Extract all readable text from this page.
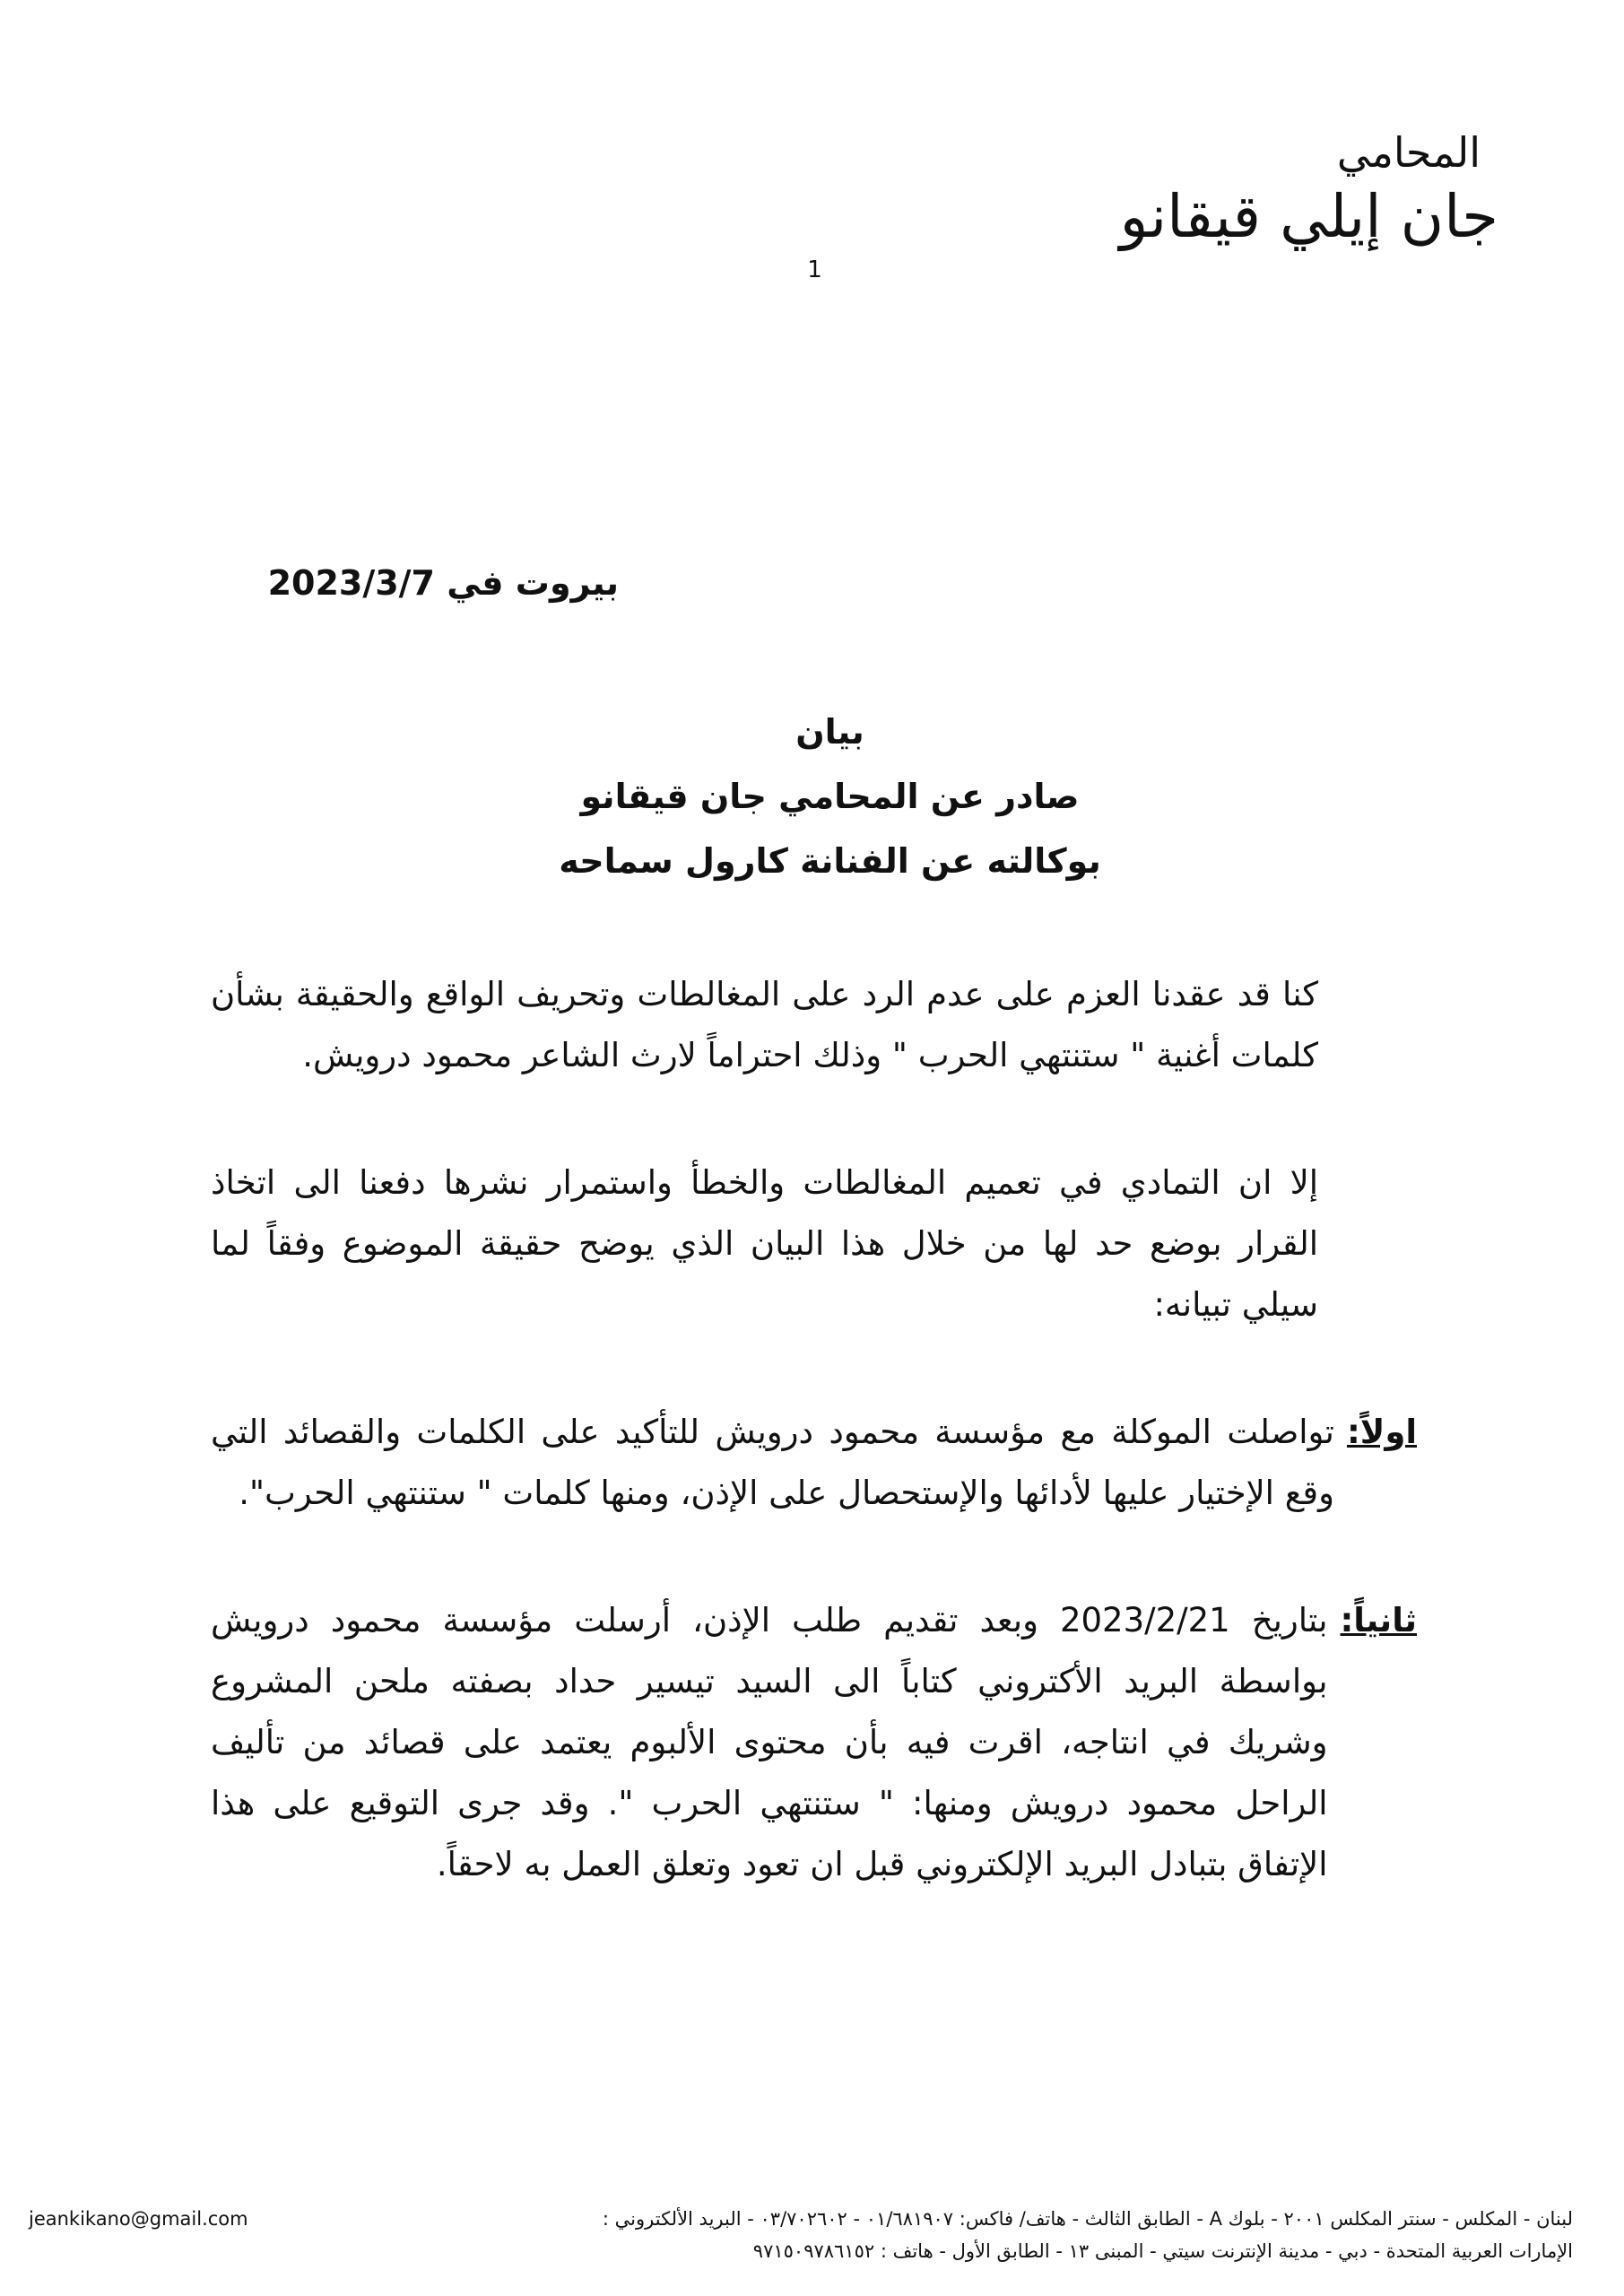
المحامي
جان إيلي قيقانو
1
بيروت في 2023/3/7
بيان
صادر عن المحامي جان قيقانو
بوكالته عن الفنانة كارول سماحه

كنا قد عقدنا العزم على عدم الرد على المغالطات وتحريف الواقع والحقيقة بشأن كلمات أغنية " ستنتهي الحرب " وذلك احتراماً لارث الشاعر محمود درويش.

إلا ان التمادي في تعميم المغالطات والخطأ واستمرار نشرها دفعنا الى اتخاذ القرار بوضع حد لها من خلال هذا البيان الذي يوضح حقيقة الموضوع وفقاً لما سيلي تبيانه:

اولاً:
تواصلت الموكلة مع مؤسسة محمود درويش للتأكيد على الكلمات والقصائد التي وقع الإختيار عليها لأدائها والإستحصال على الإذن، ومنها كلمات " ستنتهي الحرب".
ثانياً:
بتاريخ 2023/2/21 وبعد تقديم طلب الإذن، أرسلت مؤسسة محمود درويش بواسطة البريد الأكتروني كتاباً الى السيد تيسير حداد بصفته ملحن المشروع وشريك في انتاجه، اقرت فيه بأن محتوى الألبوم يعتمد على قصائد من تأليف الراحل محمود درويش ومنها: " ستنتهي الحرب ". وقد جرى التوقيع على هذا الإتفاق بتبادل البريد الإلكتروني قبل ان تعود وتعلق العمل به لاحقاً.
jeankikano@gmail.com	لبنان - المكلس - سنتر المكلس ٢٠٠١ - بلوك A - الطابق الثالث - هاتف/ فاكس: ٠١/٦٨١٩٠٧ - ٠٣/٧٠٢٦٠٢ - البريد الألكتروني :
الإمارات العربية المتحدة - دبي - مدينة الإنترنت سيتي - المبنى ١٣ - الطابق الأول - هاتف : ٩٧١٥٠٩٧٨٦١٥٢
